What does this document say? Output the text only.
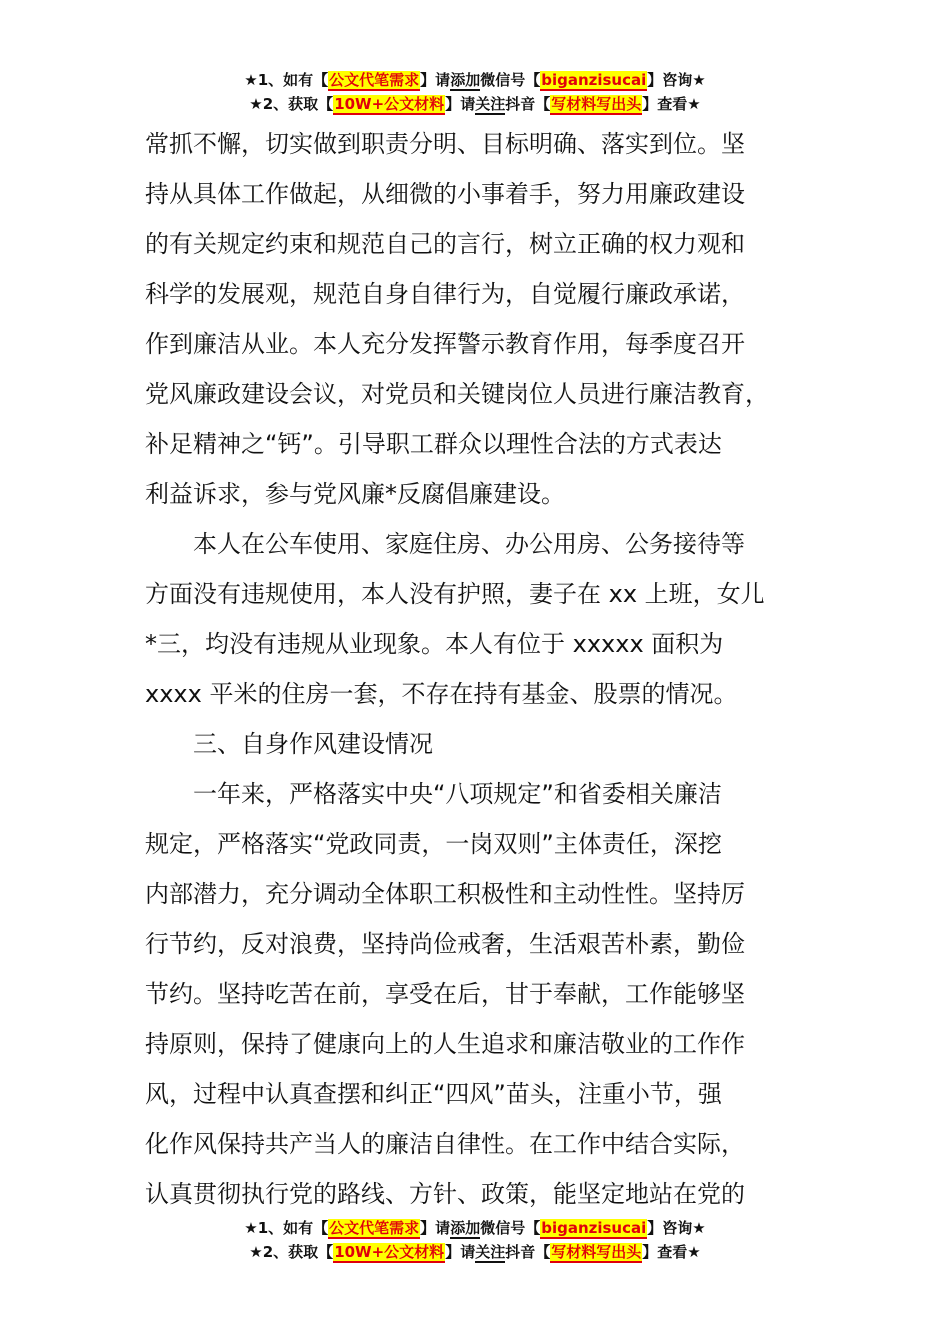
★1、如有【公文代笔需求】请添加微信号【biganzisucai】咨询★
★2、获取【10W+公文材料】请关注抖音【写材料写出头】查看★
常抓不懈，切实做到职责分明、目标明确、落实到位。坚
持从具体工作做起，从细微的小事着手，努力用廉政建设
的有关规定约束和规范自己的言行，树立正确的权力观和
科学的发展观，规范自身自律行为，自觉履行廉政承诺，
作到廉洁从业。本人充分发挥警示教育作用，每季度召开
党风廉政建设会议，对党员和关键岗位人员进行廉洁教育，
补足精神之“钙”。引导职工群众以理性合法的方式表达
利益诉求，参与党风廉*反腐倡廉建设。
本人在公车使用、家庭住房、办公用房、公务接待等
方面没有违规使用，本人没有护照，妻子在 xx 上班，女儿
*三，均没有违规从业现象。本人有位于 xxxxx 面积为
xxxx 平米的住房一套，不存在持有基金、股票的情况。
三、自身作风建设情况
一年来，严格落实中央“八项规定”和省委相关廉洁
规定，严格落实“党政同责，一岗双则”主体责任，深挖
内部潜力，充分调动全体职工积极性和主动性性。坚持厉
行节约，反对浪费，坚持尚俭戒奢，生活艰苦朴素，勤俭
节约。坚持吃苦在前，享受在后，甘于奉献，工作能够坚
持原则，保持了健康向上的人生追求和廉洁敬业的工作作
风，过程中认真查摆和纠正“四风”苗头，注重小节，强
化作风保持共产当人的廉洁自律性。在工作中结合实际，
认真贯彻执行党的路线、方针、政策，能坚定地站在党的
★1、如有【公文代笔需求】请添加微信号【biganzisucai】咨询★
★2、获取【10W+公文材料】请关注抖音【写材料写出头】查看★
